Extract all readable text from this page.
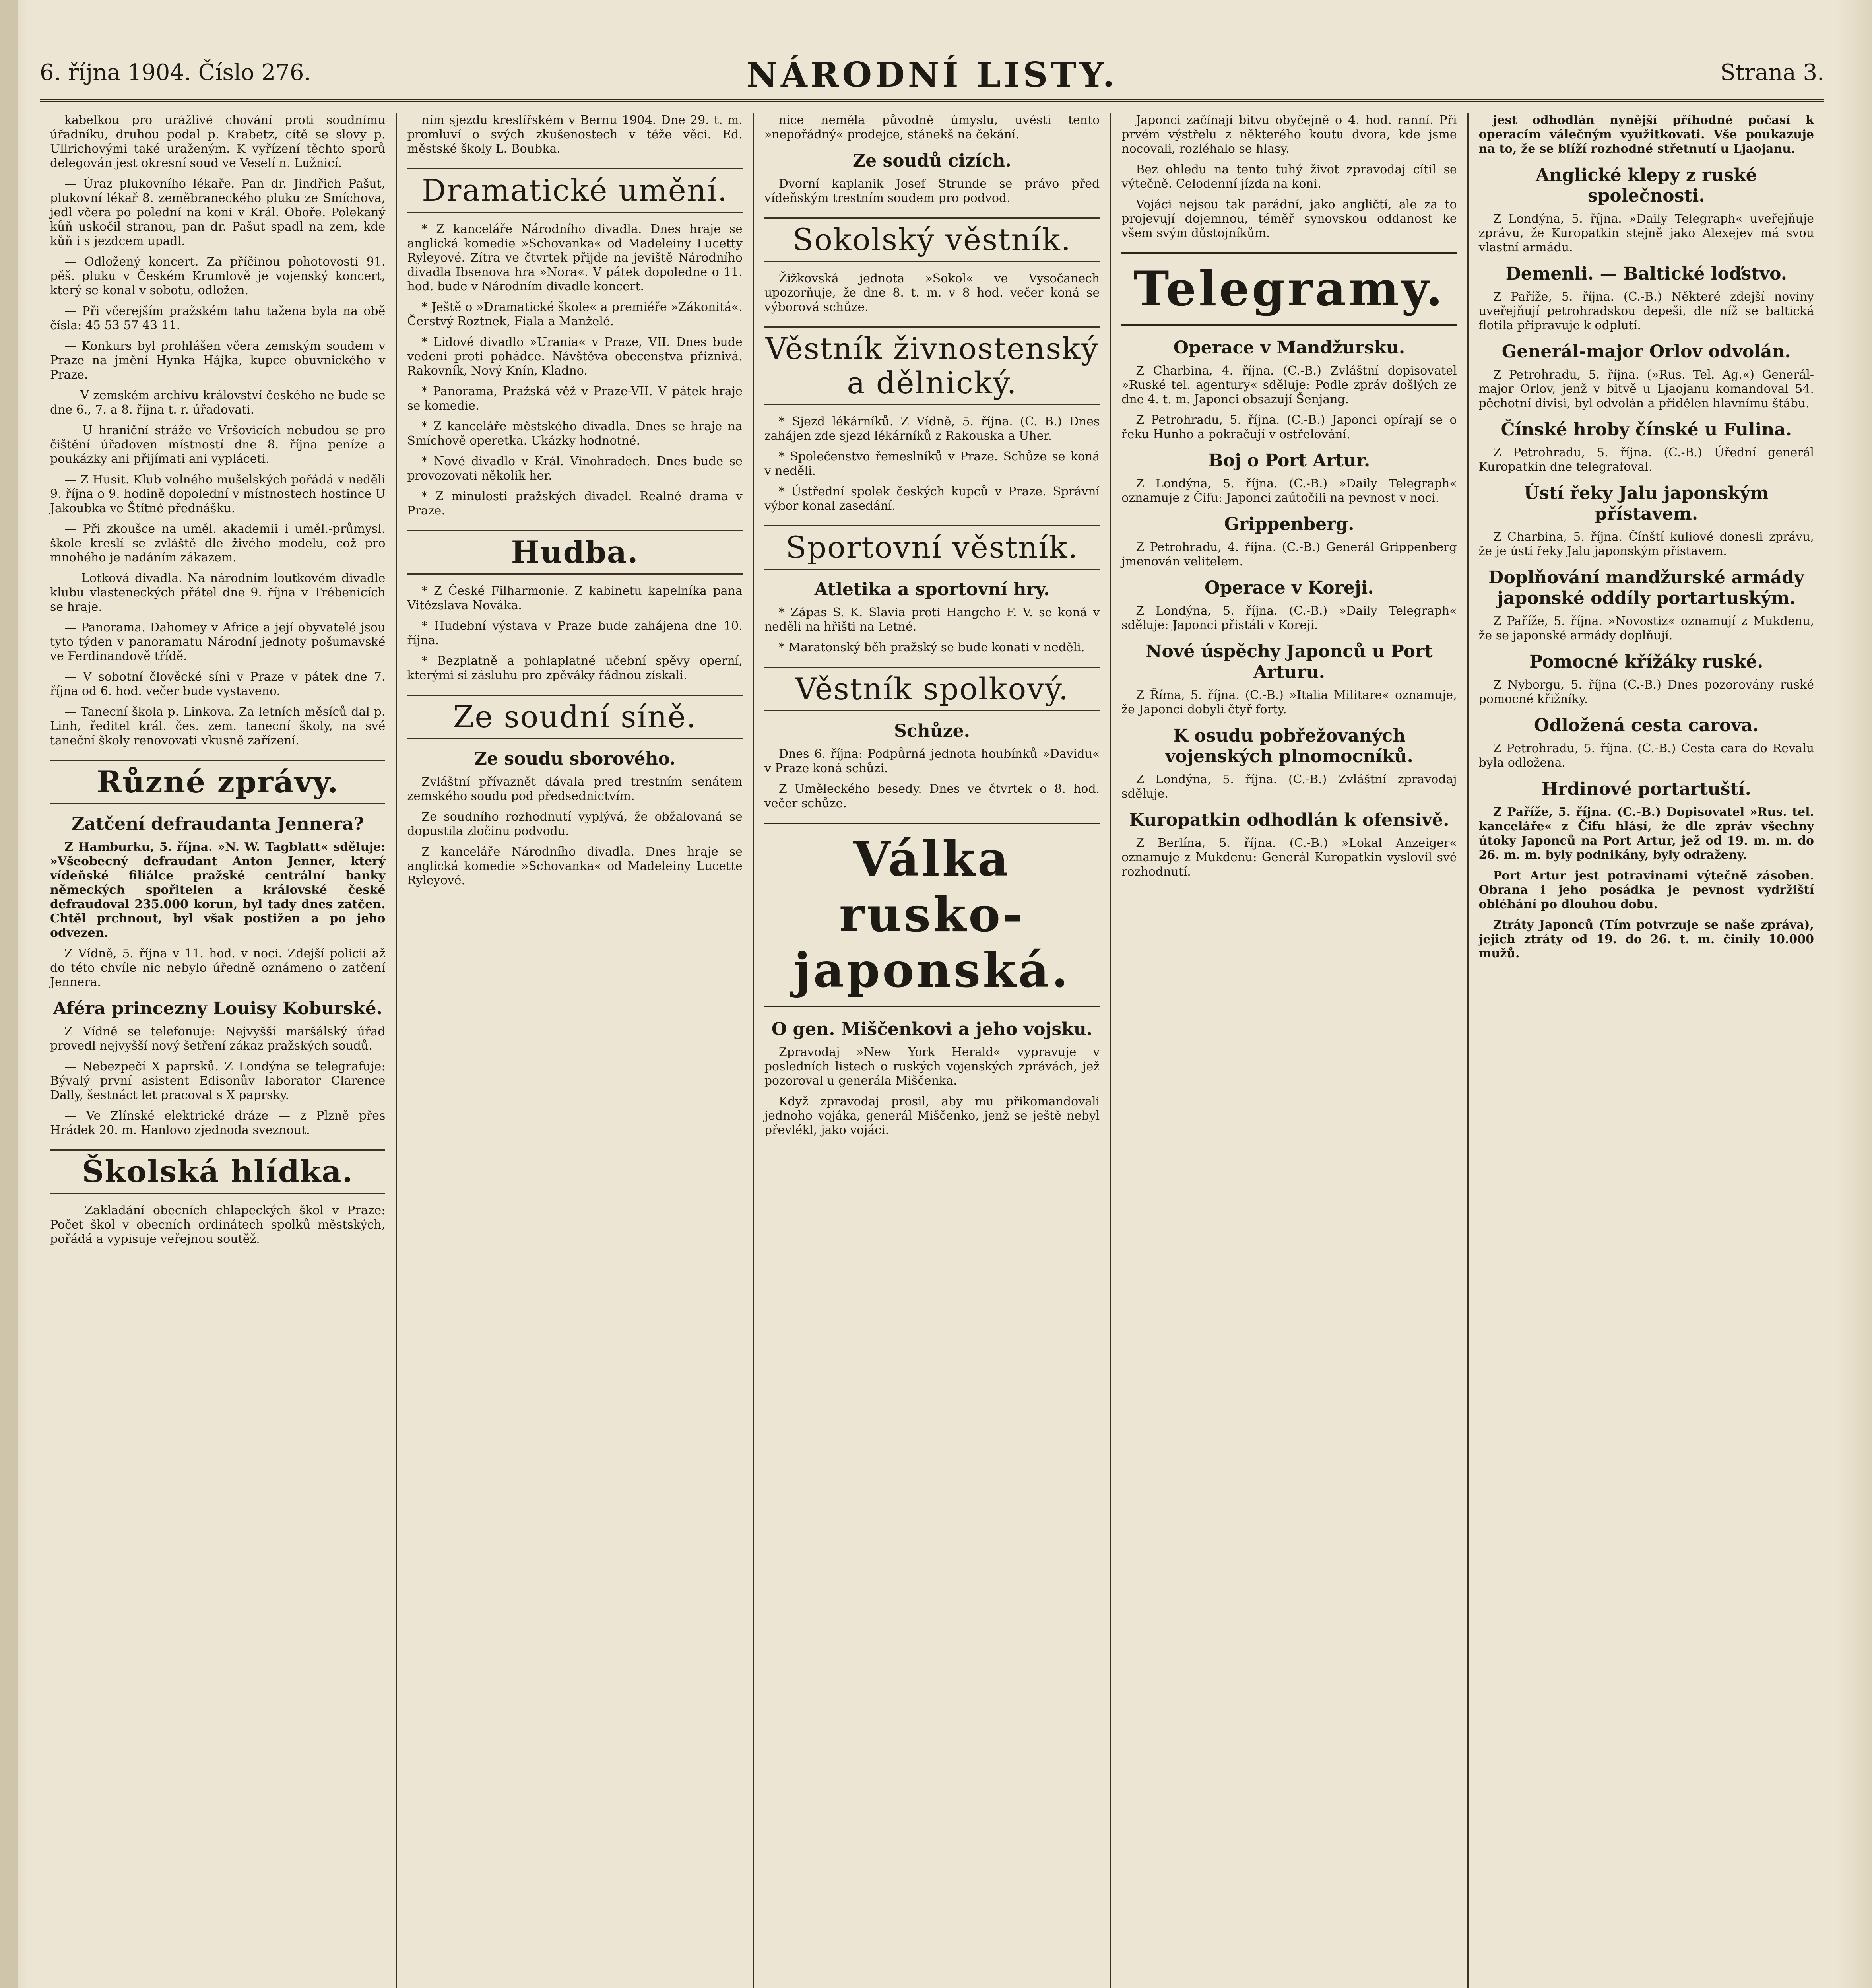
6. října 1904. Číslo 276.	NÁRODNÍ LISTY.	Strana 3.

kabelkou pro urážlivé chování proti soudnímu úřadníku, druhou podal p. Krabetz, cítě se slovy p. Ullrichovými také uraženým. K vyřízení těchto sporů delegován jest okresní soud ve Veselí n. Lužnicí.

— Úraz plukovního lékaře. Pan dr. Jindřich Pašut, plukovní lékař 8. zeměbraneckého pluku ze Smíchova, jedl včera po polední na koni v Král. Oboře. Polekaný kůň uskočil stranou, pan dr. Pašut spadl na zem, kde kůň i s jezdcem upadl.

— Odložený koncert. Za příčinou pohotovosti 91. pěš. pluku v Českém Krumlově je vojenský koncert, který se konal v sobotu, odložen.

— Při včerejším pražském tahu tažena byla na obě čísla: 45 53 57 43 11.

— Konkurs byl prohlášen včera zemským soudem v Praze na jmění Hynka Hájka, kupce obuvnického v Praze.

— V zemském archivu království českého ne bude se dne 6., 7. a 8. října t. r. úřadovati.

— U hraniční stráže ve Vršovicích nebudou se pro čištění úřadoven místností dne 8. října peníze a poukázky ani přijímati ani vypláceti.

— Z Husit. Klub volného mušelských pořádá v neděli 9. října o 9. hodině dopolední v místnostech hostince U Jakoubka ve Štítné přednášku.

— Při zkoušce na uměl. akademii i uměl.-průmysl. škole kreslí se zvláště dle živého modelu, což pro mnohého je nadáním zákazem.

— Lotková divadla. Na národním loutkovém divadle klubu vlasteneckých přátel dne 9. října v Trébenicích se hraje.

— Panorama. Dahomey v Africe a její obyvatelé jsou tyto týden v panoramatu Národní jednoty pošumavské ve Ferdinandově třídě.

— V sobotní člověcké síni v Praze v pátek dne 7. října od 6. hod. večer bude vystaveno.

— Tanecní škola p. Linkova. Za letních měsíců dal p. Linh, ředitel král. čes. zem. tanecní školy, na své taneční školy renovovati vkusně zařízení.

Různé zprávy.
Zatčení defraudanta Jennera?

Z Hamburku, 5. října. »N. W. Tagblatt« sděluje: »Všeobecný defraudant Anton Jenner, který vídeňské filiálce pražské centrální banky německých spořitelen a královské české defraudoval 235.000 korun, byl tady dnes zatčen. Chtěl prchnout, byl však postižen a po jeho odvezen.

Z Vídně, 5. října v 11. hod. v noci. Zdejší policii až do této chvíle nic nebylo úředně oznámeno o zatčení Jennera.

Aféra princezny Louisy Koburské.

Z Vídně se telefonuje: Nejvyšší maršálský úřad provedl nejvyšší nový šetření zákaz pražských soudů.

— Nebezpečí X paprsků. Z Londýna se telegrafuje: Bývalý první asistent Edisonův laborator Clarence Dally, šestnáct let pracoval s X paprsky.

— Ve Zlínské elektrické dráze — z Plzně přes Hrádek 20. m. Hanlovo zjednoda sveznout.

Školská hlídka.

— Zakladání obecních chlapeckých škol v Praze: Počet škol v obecních ordinátech spolků městských, pořádá a vypisuje veřejnou soutěž.

ním sjezdu kreslířském v Bernu 1904. Dne 29. t. m. promluví o svých zkušenostech v téže věci. Ed. městské školy L. Boubka.

Dramatické umění.

* Z kanceláře Národního divadla. Dnes hraje se anglická komedie »Schovanka« od Madeleiny Lucetty Ryleyové. Zítra ve čtvrtek přijde na jeviště Národního divadla Ibsenova hra »Nora«. V pátek dopoledne o 11. hod. bude v Národním divadle koncert.

* Ještě o »Dramatické škole« a premiéře »Zákonitá«. Čerstvý Roztnek, Fiala a Manželé.

* Lidové divadlo »Urania« v Praze, VII. Dnes bude vedení proti pohádce. Návštěva obecenstva příznivá. Rakovník, Nový Knín, Kladno.

* Panorama, Pražská věž v Praze-VII. V pátek hraje se komedie.

* Z kanceláře městského divadla. Dnes se hraje na Smíchově operetka. Ukázky hodnotné.

* Nové divadlo v Král. Vinohradech. Dnes bude se provozovati několik her.

* Z minulosti pražských divadel. Realné drama v Praze.

Hudba.

* Z České Filharmonie. Z kabinetu kapelníka pana Vitězslava Nováka.

* Hudební výstava v Praze bude zahájena dne 10. října.

* Bezplatně a pohlaplatné učební spěvy operní, kterými si zásluhu pro zpěváky řádnou získali.

Ze soudní síně.
Ze soudu sborového.

Zvláštní přívaznět dávala pred trestním senátem zemského soudu pod předsednictvím.

Ze soudního rozhodnutí vyplývá, že obžalovaná se dopustila zločinu podvodu.

Z kanceláře Národního divadla. Dnes hraje se anglická komedie »Schovanka« od Madeleiny Lucette Ryleyové.

nice neměla původně úmyslu, uvésti tento »nepořádný« prodejce, stánekš na čekání.

Ze soudů cizích.

Dvorní kaplanik Josef Strunde se právo před vídeňským trestním soudem pro podvod.

Sokolský věstník.

Žižkovská jednota »Sokol« ve Vysočanech upozorňuje, že dne 8. t. m. v 8 hod. večer koná se výborová schůze.

Věstník živnostenský a dělnický.

* Sjezd lékárníků. Z Vídně, 5. října. (C. B.) Dnes zahájen zde sjezd lékárníků z Rakouska a Uher.

* Společenstvo řemeslníků v Praze. Schůze se koná v neděli.

* Ústřední spolek českých kupců v Praze. Správní výbor konal zasedání.

Sportovní věstník.
Atletika a sportovní hry.

* Zápas S. K. Slavia proti Hangcho F. V. se koná v neděli na hřišti na Letné.

* Maratonský běh pražský se bude konati v neděli.

Věstník spolkový.
Schůze.

Dnes 6. října: Podpůrná jednota houbínků »Davidu« v Praze koná schůzi.

Z Uměleckého besedy. Dnes ve čtvrtek o 8. hod. večer schůze.

Válka rusko-japonská.
O gen. Miščenkovi a jeho vojsku.

Zpravodaj »New York Herald« vypravuje v posledních listech o ruských vojenských zprávách, jež pozoroval u generála Miščenka.

Když zpravodaj prosil, aby mu přikomandovali jednoho vojáka, generál Miščenko, jenž se ještě nebyl převlékl, jako vojáci.

Japonci začínají bitvu obyčejně o 4. hod. ranní. Při prvém výstřelu z některého koutu dvora, kde jsme nocovali, rozléhalo se hlasy.

Bez ohledu na tento tuhý život zpravodaj cítil se výtečně. Celodenní jízda na koni.

Vojáci nejsou tak parádní, jako angličtí, ale za to projevují dojemnou, téměř synovskou oddanost ke všem svým důstojníkům.

Telegramy.
Operace v Mandžursku.

Z Charbina, 4. října. (C.-B.) Zvláštní dopisovatel »Ruské tel. agentury« sděluje: Podle zpráv došlých ze dne 4. t. m. Japonci obsazují Šenjang.

Z Petrohradu, 5. října. (C.-B.) Japonci opírají se o řeku Hunho a pokračují v ostřelování.

Boj o Port Artur.

Z Londýna, 5. října. (C.-B.) »Daily Telegraph« oznamuje z Čifu: Japonci zaútočili na pevnost v noci.

Grippenberg.

Z Petrohradu, 4. října. (C.-B.) Generál Grippenberg jmenován velitelem.

Operace v Koreji.

Z Londýna, 5. října. (C.-B.) »Daily Telegraph« sděluje: Japonci přistáli v Koreji.

Nové úspěchy Japonců u Port Arturu.

Z Říma, 5. října. (C.-B.) »Italia Militare« oznamuje, že Japonci dobyli čtyř forty.

K osudu pobřežovaných vojenských plnomocníků.

Z Londýna, 5. října. (C.-B.) Zvláštní zpravodaj sděluje.

Kuropatkin odhodlán k ofensivě.

Z Berlína, 5. října. (C.-B.) »Lokal Anzeiger« oznamuje z Mukdenu: Generál Kuropatkin vyslovil své rozhodnutí.

jest odhodlán nynější příhodné počasí k operacím válečným využitkovati. Vše poukazuje na to, že se blíží rozhodné střetnutí u Ljaojanu.

Anglické klepy z ruské společnosti.

Z Londýna, 5. října. »Daily Telegraph« uveřejňuje zprávu, že Kuropatkin stejně jako Alexejev má svou vlastní armádu.

Demenli. — Baltické loďstvo.

Z Paříže, 5. října. (C.-B.) Některé zdejší noviny uveřejňují petrohradskou depeši, dle níž se baltická flotila připravuje k odplutí.

Generál-major Orlov odvolán.

Z Petrohradu, 5. října. (»Rus. Tel. Ag.«) Generál-major Orlov, jenž v bitvě u Ljaojanu komandoval 54. pěchotní divisi, byl odvolán a přidělen hlavnímu štábu.

Čínské hroby čínské u Fulina.

Z Petrohradu, 5. října. (C.-B.) Úřední generál Kuropatkin dne telegrafoval.

Ústí řeky Jalu japonským přístavem.

Z Charbina, 5. října. Čínští kuliové donesli zprávu, že je ústí řeky Jalu japonským přístavem.

Doplňování mandžurské armády japonské oddíly portartuským.

Z Paříže, 5. října. »Novostiz« oznamují z Mukdenu, že se japonské armády doplňují.

Pomocné křížáky ruské.

Z Nyborgu, 5. října (C.-B.) Dnes pozorovány ruské pomocné křižníky.

Odložená cesta carova.

Z Petrohradu, 5. října. (C.-B.) Cesta cara do Revalu byla odložena.

Hrdinové portartuští.

Z Paříže, 5. října. (C.-B.) Dopisovatel »Rus. tel. kanceláře« z Čifu hlásí, že dle zpráv všechny útoky Japonců na Port Artur, jež od 19. m. m. do 26. m. m. byly podnikány, byly odraženy.

Port Artur jest potravinami výtečně zásoben. Obrana i jeho posádka je pevnost vydržiští obléhání po dlouhou dobu.

Ztráty Japonců (Tím potvrzuje se naše zpráva), jejich ztráty od 19. do 26. t. m. činily 10.000 mužů.
